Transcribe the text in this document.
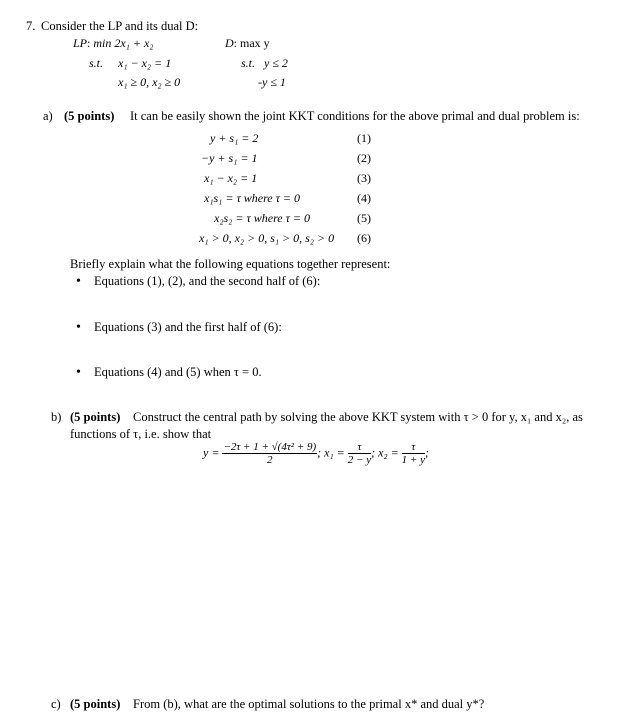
7. Consider the LP and its dual D:
LP: min 2x₁ + x₂
s.t. x₁ − x₂ = 1
x₁ ≥ 0, x₂ ≥ 0
D: max y
s.t. y ≤ 2
-y ≤ 1
a) (5 points) It can be easily shown the joint KKT conditions for the above primal and dual problem is:
y + s₁ = 2	(1)
−y + s₁ = 1	(2)
x₁ − x₂ = 1	(3)
x₁s₁ = τ where τ = 0	(4)
x₂s₂ = τ where τ = 0	(5)
x₁ > 0, x₂ > 0, s₁ > 0, s₂ > 0 (6)
Briefly explain what the following equations together represent:
• Equations (1), (2), and the second half of (6):
• Equations (3) and the first half of (6):
• Equations (4) and (5) when τ = 0.
b) (5 points) Construct the central path by solving the above KKT system with τ > 0 for y, x₁ and x₂, as
functions of τ, i.e. show that
$y = \frac{\text{−2τ + 1 + √(4τ² + 9)}}{2}$ ; $x_1 = \frac{\tau}{2 - y}$ ; $x_2 = \frac{\tau}{1 + y}$ ;
c) (5 points) From (b), what are the optimal solutions to the primal x* and dual y*?
